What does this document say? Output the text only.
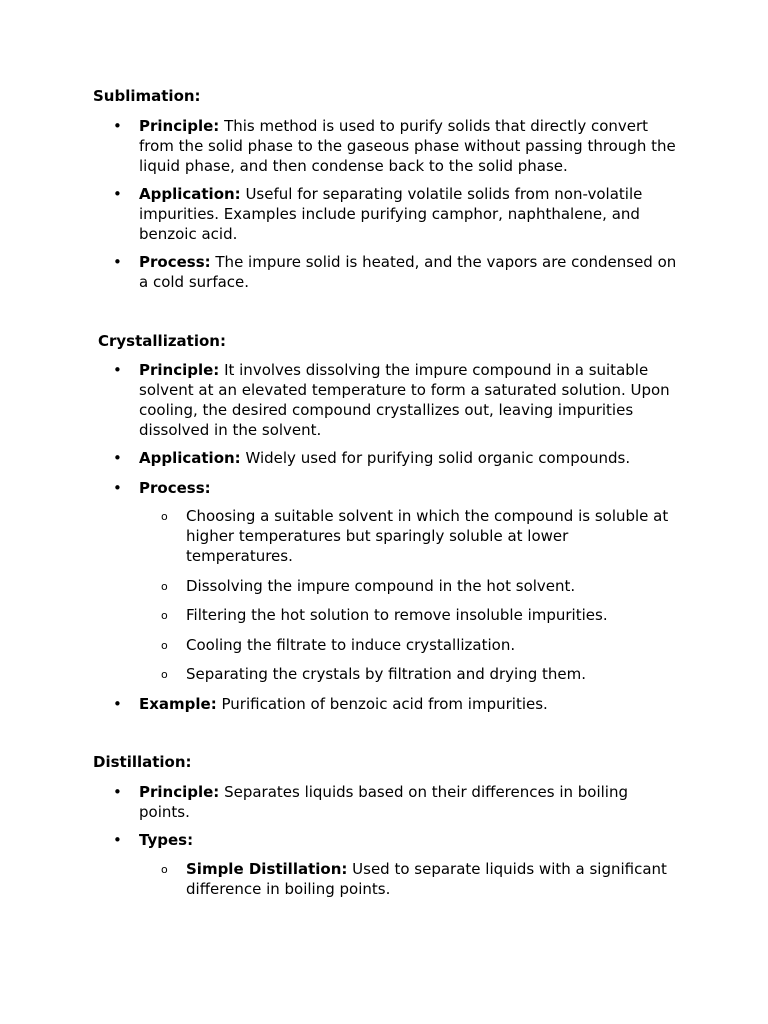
Sublimation:
•	Principle: This method is used to purify solids that directly convert from the solid phase to the gaseous phase without passing through the liquid phase, and then condense back to the solid phase.
•	Application: Useful for separating volatile solids from non-volatile impurities. Examples include purifying camphor, naphthalene, and benzoic acid.
•	Process: The impure solid is heated, and the vapors are condensed on a cold surface.
Crystallization:
•	Principle: It involves dissolving the impure compound in a suitable solvent at an elevated temperature to form a saturated solution. Upon cooling, the desired compound crystallizes out, leaving impurities dissolved in the solvent.
•	Application: Widely used for purifying solid organic compounds.
•	Process:
o	Choosing a suitable solvent in which the compound is soluble at higher temperatures but sparingly soluble at lower temperatures.
o	Dissolving the impure compound in the hot solvent.
o	Filtering the hot solution to remove insoluble impurities.
o	Cooling the filtrate to induce crystallization.
o	Separating the crystals by filtration and drying them.
•	Example: Purification of benzoic acid from impurities.
Distillation:
•	Principle: Separates liquids based on their differences in boiling points.
•	Types:
o	Simple Distillation: Used to separate liquids with a significant difference in boiling points.
